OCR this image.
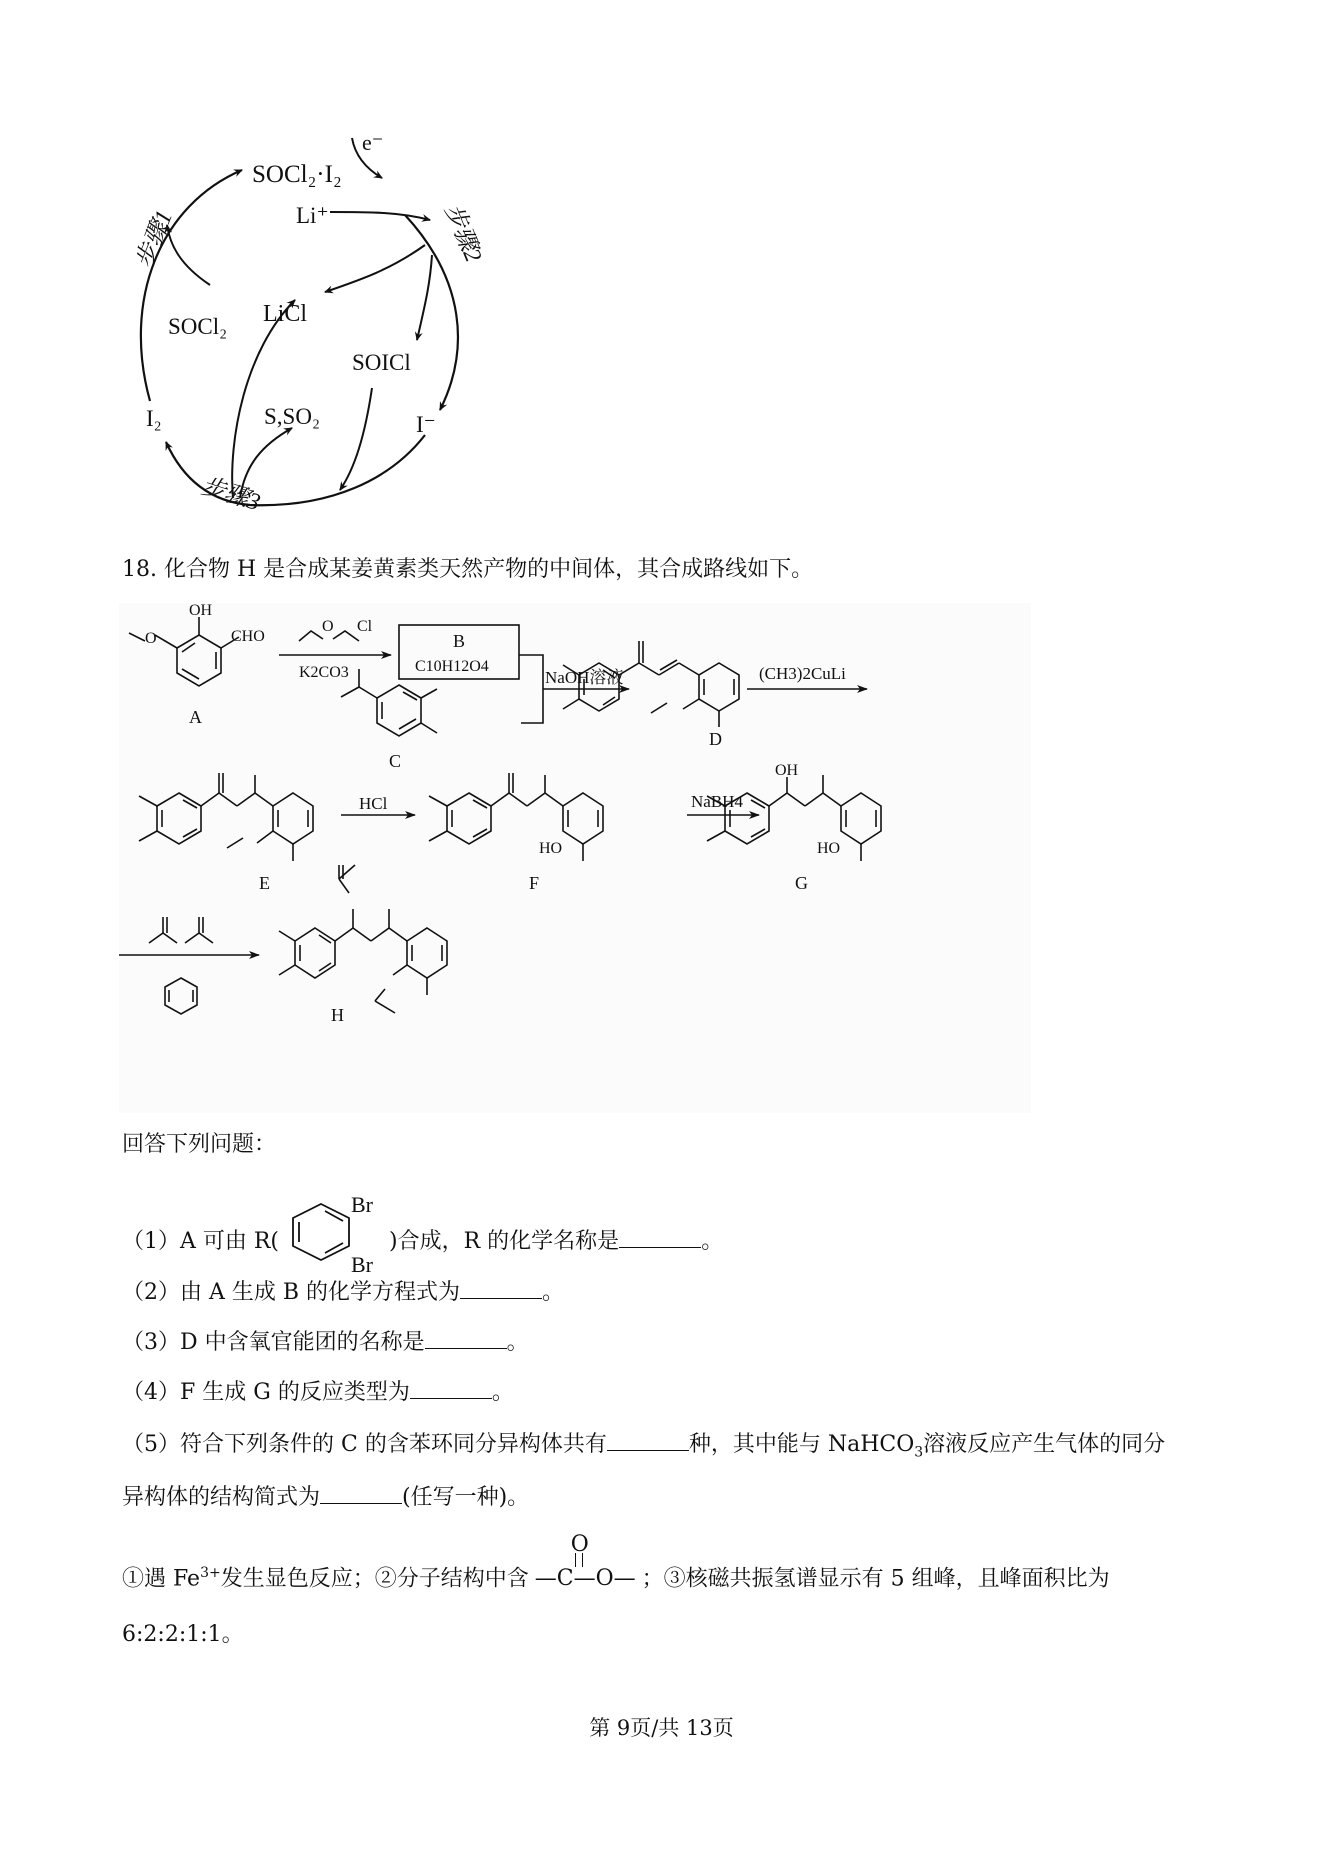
SOCl₂·I₂
e⁻
Li⁺
LiCl
SOCl₂
SOICl
S,SO₂
I₂	I⁻
步骤1	步骤2
步骤3
18. 化合物 H 是合成某姜黄素类天然产物的中间体，其合成路线如下。
OH
O	CHO
A
O Cl
K2CO3
B
C10H12O4
C
NaOH溶液
D
(CH3)2CuLi
E
HCl
HO
F
NaBH4
OH
HO
G
H
回答下列问题：
（1）A 可由 R(
Br
Br
)合成，R 的化学名称是	。
（2）由 A 生成 B 的化学方程式为	。
（3）D 中含氧官能团的名称是	。
（4）F 生成 G 的反应类型为	。
（5）符合下列条件的 C 的含苯环同分异构体共有	种，其中能与 NaHCO$_3$溶液反应产生气体的同分
异构体的结构简式为	(任写一种)。
①遇 $Fe^{3+}$发生显色反应；②分子结构中含
O
—C—O— ；③核磁共振氢谱显示有 5 组峰，且峰面积比为
6:2:2:1:1。
第 9页/共 13页
